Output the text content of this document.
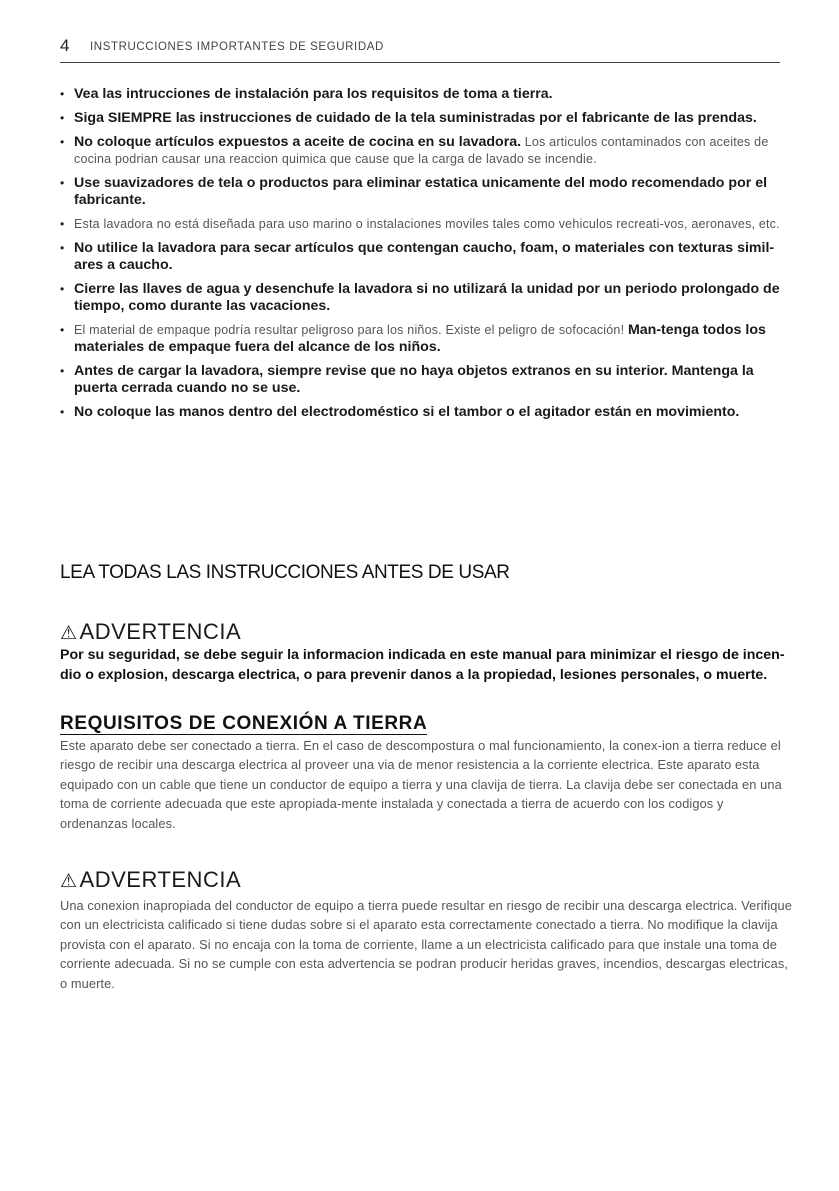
4 INSTRUCCIONES IMPORTANTES DE SEGURIDAD
• Vea las intrucciones de instalación para los requisitos de toma a tierra.
• Siga SIEMPRE las instrucciones de cuidado de la tela suministradas por el fabricante de las prendas.
• No coloque artículos expuestos a aceite de cocina en su lavadora. Los articulos contaminados con aceites de cocina podrian causar una reaccion quimica que cause que la carga de lavado se incendie.
• Use suavizadores de tela o productos para eliminar estatica unicamente del modo recomendado por el fabricante.
• Esta lavadora no está diseñada para uso marino o instalaciones moviles tales como vehiculos recreati-vos, aeronaves, etc.
• No utilice la lavadora para secar artículos que contengan caucho, foam, o materiales con texturas simil-ares a caucho.
• Cierre las llaves de agua y desenchufe la lavadora si no utilizará la unidad por un periodo prolongado de tiempo, como durante las vacaciones.
• El material de empaque podría resultar peligroso para los niños. Existe el peligro de sofocación! Man-tenga todos los materiales de empaque fuera del alcance de los niños.
• Antes de cargar la lavadora, siempre revise que no haya objetos extranos en su interior. Mantenga la puerta cerrada cuando no se use.
• No coloque las manos dentro del electrodoméstico si el tambor o el agitador están en movimiento.
LEA TODAS LAS INSTRUCCIONES ANTES DE USAR
⚠ADVERTENCIA
Por su seguridad, se debe seguir la informacion indicada en este manual para minimizar el riesgo de incen-dio o explosion, descarga electrica, o para prevenir danos a la propiedad, lesiones personales, o muerte.
REQUISITOS DE CONEXIÓN A TIERRA
Este aparato debe ser conectado a tierra. En el caso de descompostura o mal funcionamiento, la conex-ion a tierra reduce el riesgo de recibir una descarga electrica al proveer una via de menor resistencia a la corriente electrica. Este aparato esta equipado con un cable que tiene un conductor de equipo a tierra y una clavija de tierra. La clavija debe ser conectada en una toma de corriente adecuada que este apropiada-mente instalada y conectada a tierra de acuerdo con los codigos y ordenanzas locales.
⚠ADVERTENCIA
Una conexion inapropiada del conductor de equipo a tierra puede resultar en riesgo de recibir una descarga electrica. Verifique con un electricista calificado si tiene dudas sobre si el aparato esta correctamente conectado a tierra. No modifique la clavija provista con el aparato. Si no encaja con la toma de corriente, llame a un electricista calificado para que instale una toma de corriente adecuada. Si no se cumple con esta advertencia se podran producir heridas graves, incendios, descargas electricas, o muerte.
